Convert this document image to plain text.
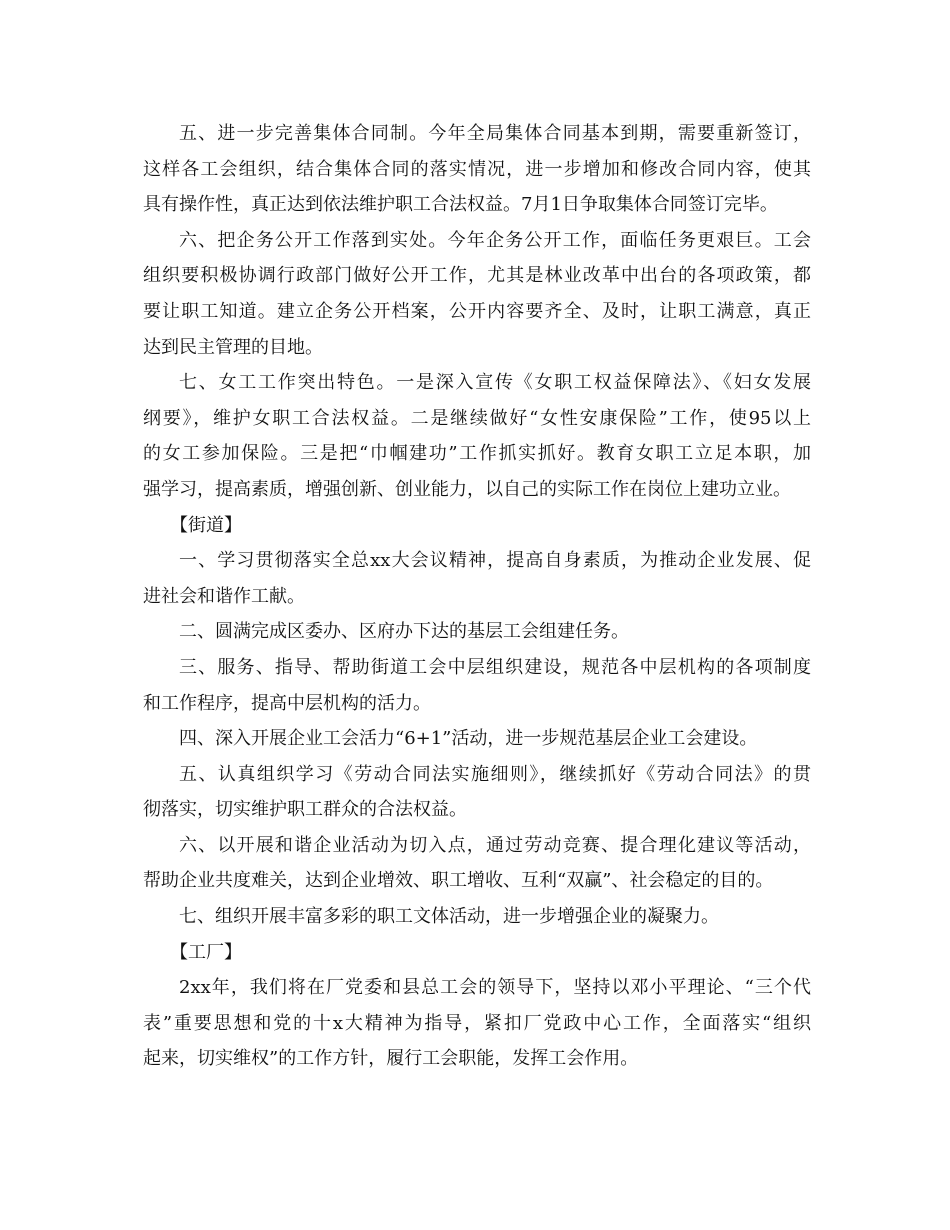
五、进一步完善集体合同制。今年全局集体合同基本到期，需要重新签订，
这样各工会组织，结合集体合同的落实情况，进一步增加和修改合同内容，使其
具有操作性，真正达到依法维护职工合法权益。7月1日争取集体合同签订完毕。
六、把企务公开工作落到实处。今年企务公开工作，面临任务更艰巨。工会
组织要积极协调行政部门做好公开工作，尤其是林业改革中出台的各项政策，都
要让职工知道。建立企务公开档案，公开内容要齐全、及时，让职工满意，真正
达到民主管理的目地。
七、女工工作突出特色。一是深入宣传《女职工权益保障法》、《妇女发展
纲要》，维护女职工合法权益。二是继续做好“女性安康保险”工作，使95以上
的女工参加保险。三是把“巾帼建功”工作抓实抓好。教育女职工立足本职，加
强学习，提高素质，增强创新、创业能力，以自己的实际工作在岗位上建功立业。
【街道】
一、学习贯彻落实全总xx大会议精神，提高自身素质，为推动企业发展、促
进社会和谐作工献。
二、圆满完成区委办、区府办下达的基层工会组建任务。
三、服务、指导、帮助街道工会中层组织建设，规范各中层机构的各项制度
和工作程序，提高中层机构的活力。
四、深入开展企业工会活力“6+1”活动，进一步规范基层企业工会建设。
五、认真组织学习《劳动合同法实施细则》，继续抓好《劳动合同法》的贯
彻落实，切实维护职工群众的合法权益。
六、以开展和谐企业活动为切入点，通过劳动竞赛、提合理化建议等活动，
帮助企业共度难关，达到企业增效、职工增收、互利“双赢”、社会稳定的目的。
七、组织开展丰富多彩的职工文体活动，进一步增强企业的凝聚力。
【工厂】
2xx年，我们将在厂党委和县总工会的领导下，坚持以邓小平理论、“三个代
表”重要思想和党的十x大精神为指导，紧扣厂党政中心工作，全面落实“组织
起来，切实维权”的工作方针，履行工会职能，发挥工会作用。
